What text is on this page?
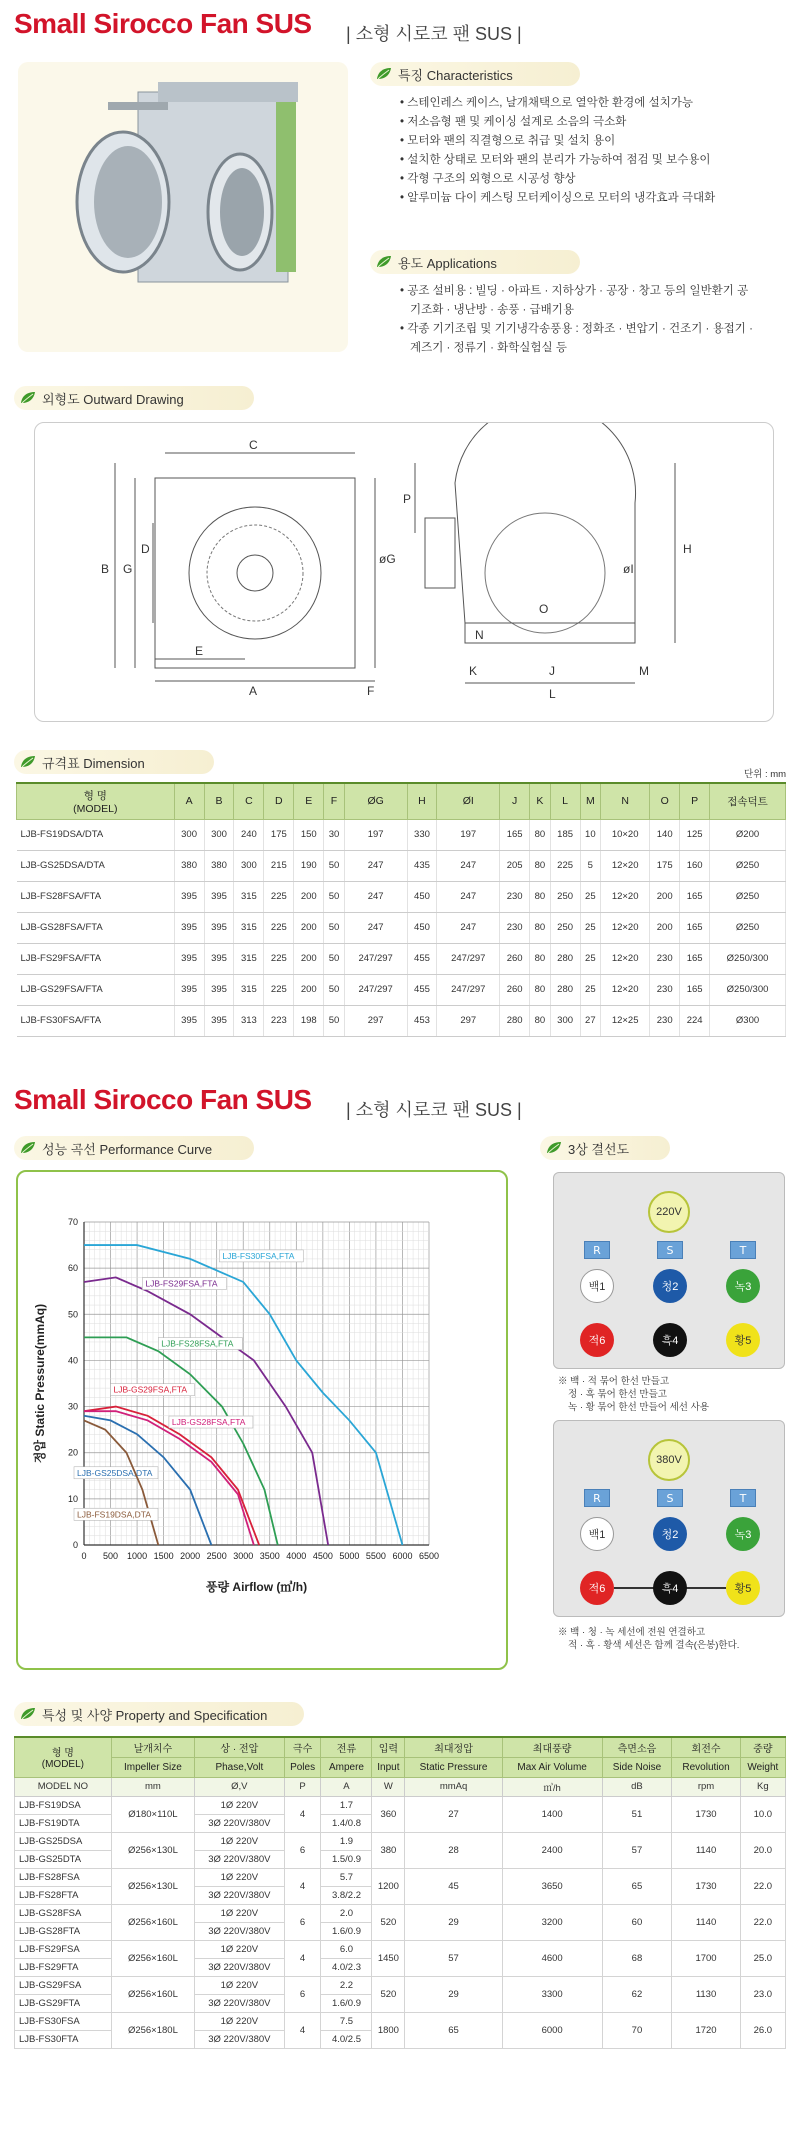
Small Sirocco Fan SUS | 소형 시로코 팬 SUS |
특징 Characteristics
• 스테인레스 케이스, 날개채택으로 열악한 환경에 설치가능
• 저소음형 팬 및 케이싱 설계로 소음의 극소화
• 모터와 팬의 직결형으로 취급 및 설치 용이
• 설치한 상태로 모터와 팬의 분리가 가능하여 점검 및 보수용이
• 각형 구조의 외형으로 시공성 향상
• 알루미늄 다이 케스팅 모터케이싱으로 모터의 냉각효과 극대화
용도 Applications
• 공조 설비용 : 빌딩 · 아파트 · 지하상가 · 공장 · 창고 등의 일반환기 공기조화 · 냉난방 · 송풍 · 급배기용
• 각종 기기조립 및 기기냉각송풍용 : 정화조 · 변압기 · 건조기 · 용접기 · 계즈기 · 정류기 · 화학실험실 등
외형도 Outward Drawing
C
D
B G
A
E
F
øG
P
H
øI
O
N
K	J	M
L
규격표 Dimension
단위 : mm
형 명
(MODEL)	A	B	C	D	E	F	ØG	H	ØI	J	K	L	M	N	O	P	접속덕트
LJB-FS19DSA/DTA	300	300	240	175	150	30	197	330	197	165	80	185	10	10×20	140	125	Ø200
LJB-GS25DSA/DTA	380	380	300	215	190	50	247	435	247	205	80	225	5	12×20	175	160	Ø250
LJB-FS28FSA/FTA	395	395	315	225	200	50	247	450	247	230	80	250	25	12×20	200	165	Ø250
LJB-GS28FSA/FTA	395	395	315	225	200	50	247	450	247	230	80	250	25	12×20	200	165	Ø250
LJB-FS29FSA/FTA	395	395	315	225	200	50	247/297	455	247/297	260	80	280	25	12×20	230	165	Ø250/300
LJB-GS29FSA/FTA	395	395	315	225	200	50	247/297	455	247/297	260	80	280	25	12×20	230	165	Ø250/300
LJB-FS30FSA/FTA	395	395	313	223	198	50	297	453	297	280	80	300	27	12×25	230	224	Ø300
Small Sirocco Fan SUS | 소형 시로코 팬 SUS |
성능 곡선 Performance Curve
0 500 1000 1500 2000 2500 3000 3500 4000 4500 5000 5500 6000 6500
0
10
20
30
40
50
60
70
풍량 Airflow (㎥/h)
정압 Static Pressure(mmAq)
LJB-FS30FSA,FTA
LJB-FS29FSA,FTA
LJB-FS28FSA,FTA
LJB-GS29FSA,FTA
LJB-GS28FSA,FTA
LJB-GS25DSA,DTA
LJB-FS19DSA,DTA
3상 결선도
220V
R	S	T
백1	청2	녹3
적6	흑4	황5
※ 백 · 적 묶어 한선 만들고
정 · 흑 묶어 한선 만들고
녹 · 황 묶어 한선 만들어 세선 사용
380V
R	S	T
백1	청2	녹3
적6	흑4	황5
※ 백 · 청 · 녹 세선에 전원 연결하고
적 · 흑 · 황색 세선은 함께 결속(은봉)한다.
특성 및 사양 Property and Specification
형 명
(MODEL)	날개치수	상 · 전압	극수	전류	입력	최대정압	최대풍량	측면소음	회전수	중량
	Impeller Size	Phase,Volt	Poles	Ampere	Input	Static Pressure	Max Air Volume	Side Noise	Revolution	Weight
MODEL NO	mm	Ø,V	P	A	W	mmAq	㎥/h	dB	rpm	Kg
LJB-FS19DSA	Ø180×110L	1Ø 220V	4	1.7	360	27	1400	51	1730	10.0
LJB-FS19DTA		3Ø 220V/380V		1.4/0.8						
LJB-GS25DSA	Ø256×130L	1Ø 220V	6	1.9	380	28	2400	57	1140	20.0
LJB-GS25DTA		3Ø 220V/380V		1.5/0.9						
LJB-FS28FSA	Ø256×130L	1Ø 220V	4	5.7	1200	45	3650	65	1730	22.0
LJB-FS28FTA		3Ø 220V/380V		3.8/2.2						
LJB-GS28FSA	Ø256×160L	1Ø 220V	6	2.0	520	29	3200	60	1140	22.0
LJB-GS28FTA		3Ø 220V/380V		1.6/0.9						
LJB-FS29FSA	Ø256×160L	1Ø 220V	4	6.0	1450	57	4600	68	1700	25.0
LJB-FS29FTA		3Ø 220V/380V		4.0/2.3						
LJB-GS29FSA	Ø256×160L	1Ø 220V	6	2.2	520	29	3300	62	1130	23.0
LJB-GS29FTA		3Ø 220V/380V		1.6/0.9						
LJB-FS30FSA	Ø256×180L	1Ø 220V	4	7.5	1800	65	6000	70	1720	26.0
LJB-FS30FTA		3Ø 220V/380V		4.0/2.5						
